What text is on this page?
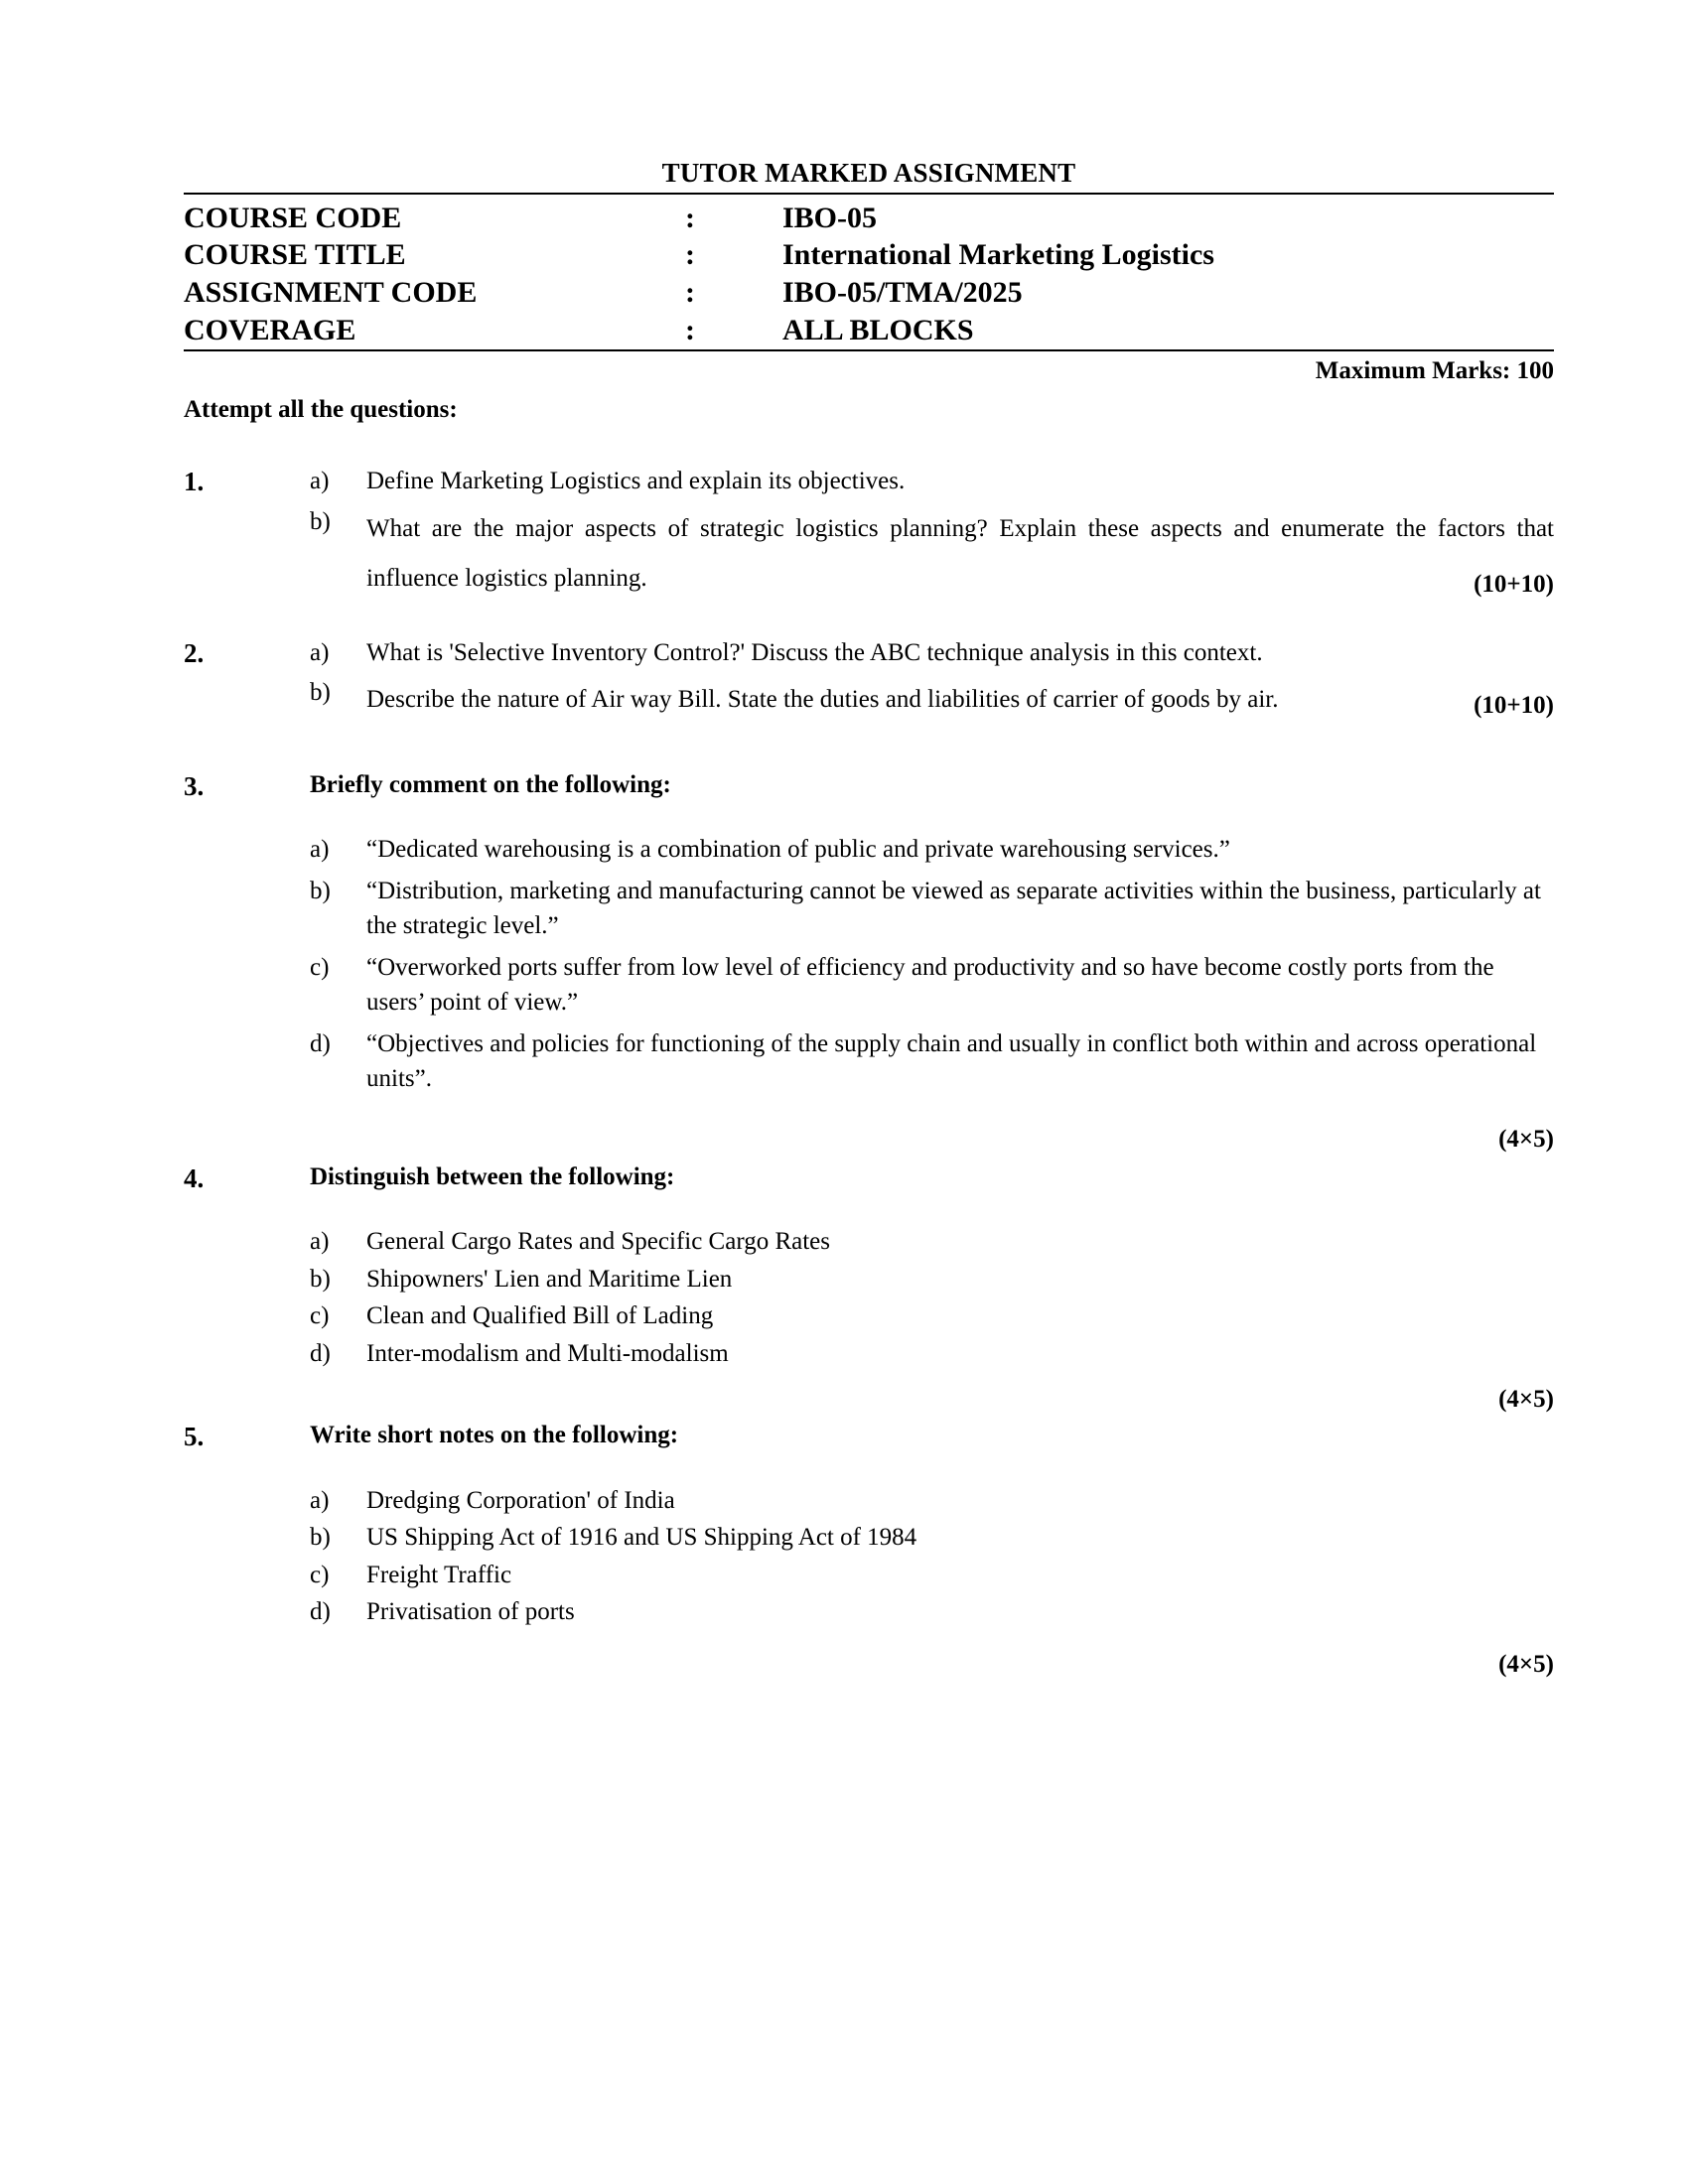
TUTOR MARKED ASSIGNMENT
COURSE CODE	:	IBO-05
COURSE TITLE	:	International Marketing Logistics
ASSIGNMENT CODE	:	IBO-05/TMA/2025
COVERAGE	:	ALL BLOCKS
Maximum Marks: 100
Attempt all the questions:
1.	a)	Define Marketing Logistics and explain its objectives.
b)	What are the major aspects of strategic logistics planning? Explain these aspects and enumerate the factors that influence logistics planning.	(10+10)
2.	a)	What is 'Selective Inventory Control?' Discuss the ABC technique analysis in this context.
b)	Describe the nature of Air way Bill. State the duties and liabilities of carrier of goods by air.	(10+10)
3.	Briefly comment on the following:
a)	“Dedicated warehousing is a combination of public and private warehousing services.”
b)	“Distribution, marketing and manufacturing cannot be viewed as separate activities within the business, particularly at the strategic level.”
c)	“Overworked ports suffer from low level of efficiency and productivity and so have become costly ports from the users’ point of view.”
d)	“Objectives and policies for functioning of the supply chain and usually in conflict both within and across operational units”.
(4×5)
4.	Distinguish between the following:
a)	General Cargo Rates and Specific Cargo Rates
b)	Shipowners' Lien and Maritime Lien
c)	Clean and Qualified Bill of Lading
d)	Inter-modalism and Multi-modalism
(4×5)
5.	Write short notes on the following:
a)	Dredging Corporation' of India
b)	US Shipping Act of 1916 and US Shipping Act of 1984
c)	Freight Traffic
d)	Privatisation of ports
(4×5)
